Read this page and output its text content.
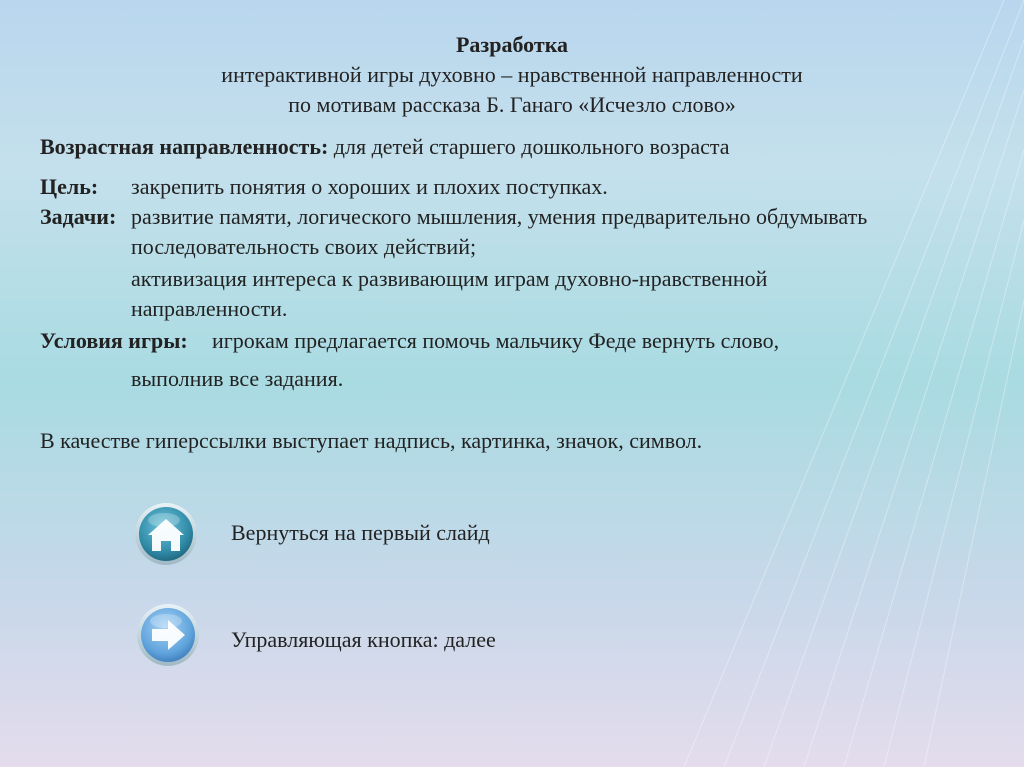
Разработка
интерактивной игры духовно – нравственной направленности
по мотивам рассказа Б. Ганаго «Исчезло слово»
Возрастная направленность: для детей старшего дошкольного возраста
Цель: закрепить понятия о хороших и плохих поступках.
Задачи: развитие памяти, логического мышления, умения предварительно обдумывать
последовательность своих действий;
активизация интереса к развивающим играм духовно-нравственной
направленности.
Условия игры: игрокам предлагается помочь мальчику Феде вернуть слово,
выполнив все задания.
В качестве гиперссылки выступает надпись, картинка, значок, символ.
Вернуться на первый слайд
Управляющая кнопка: далее
